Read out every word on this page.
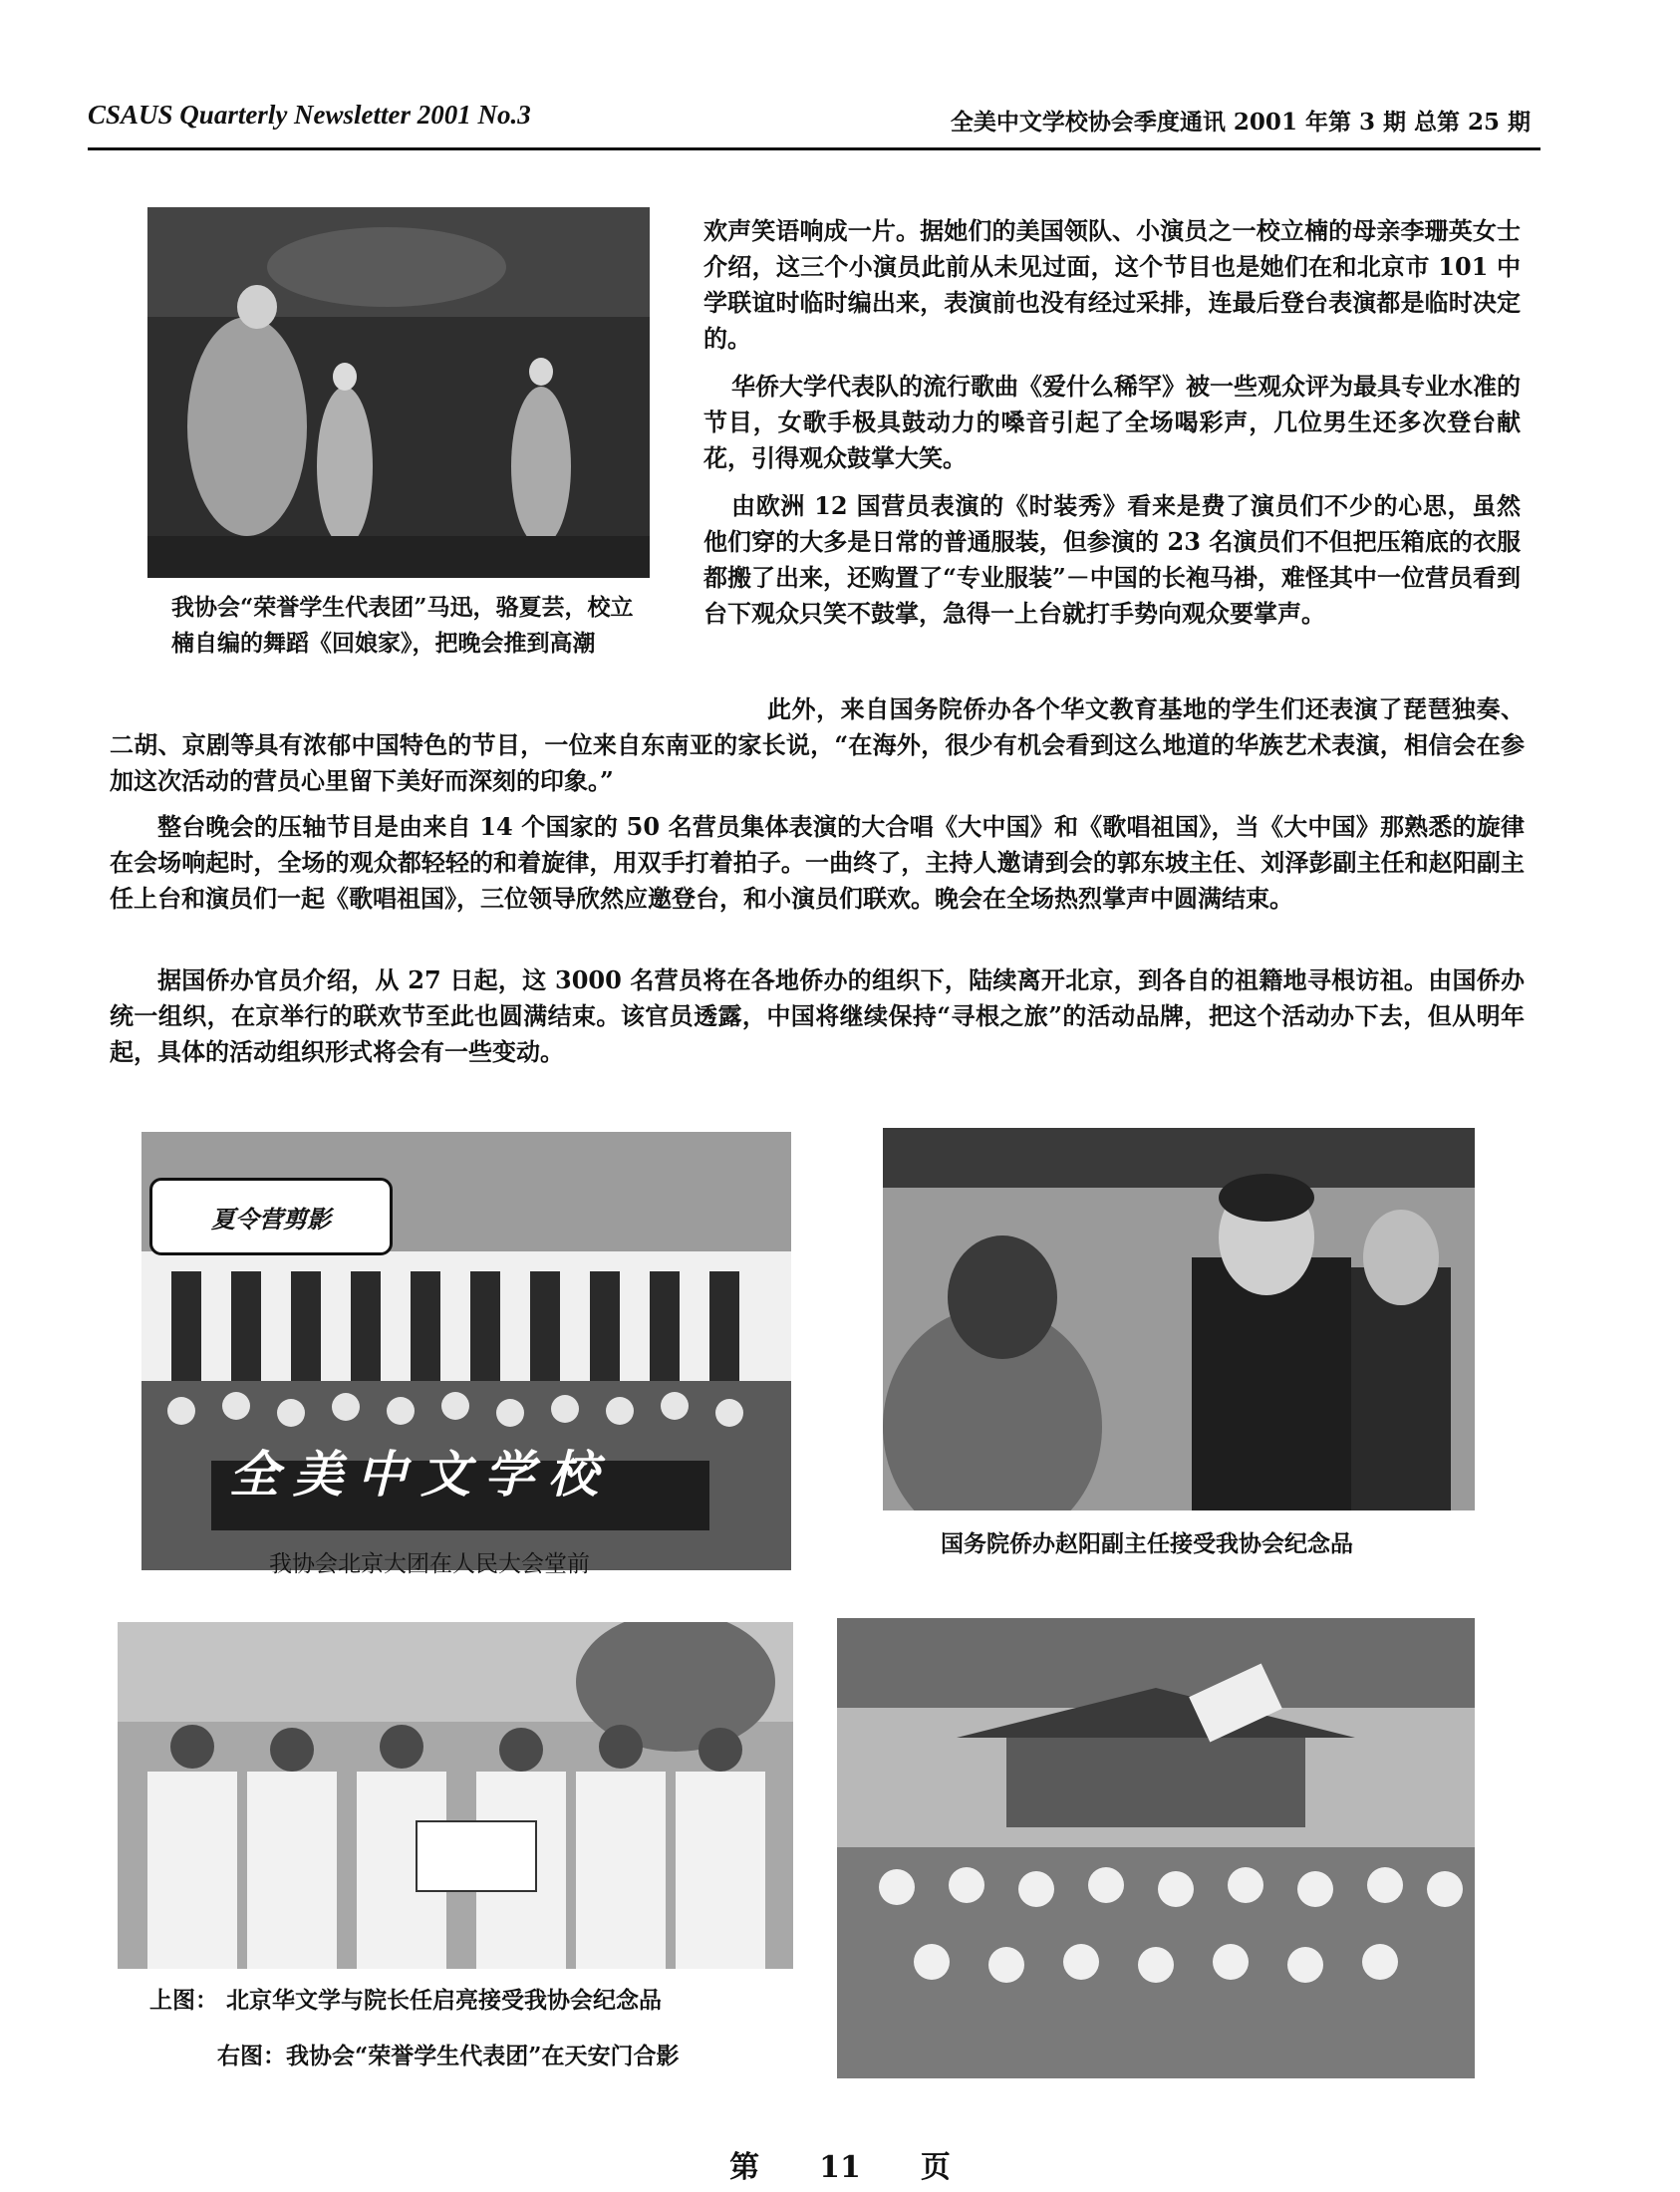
CSAUS Quarterly Newsletter 2001 No.3	全美中文学校协会季度通讯 2001 年第 3 期 总第 25 期
我协会“荣誉学生代表团”马迅，骆夏芸，校立楠自编的舞蹈《回娘家》，把晚会推到高潮

欢声笑语响成一片。据她们的美国领队、小演员之一校立楠的母亲李珊英女士介绍，这三个小演员此前从未见过面，这个节目也是她们在和北京市 101 中学联谊时临时编出来，表演前也没有经过采排，连最后登台表演都是临时决定的。

华侨大学代表队的流行歌曲《爱什么稀罕》被一些观众评为最具专业水准的节目，女歌手极具鼓动力的嗓音引起了全场喝彩声，几位男生还多次登台献花，引得观众鼓掌大笑。

由欧洲 12 国营员表演的《时装秀》看来是费了演员们不少的心思，虽然他们穿的大多是日常的普通服装，但参演的 23 名演员们不但把压箱底的衣服都搬了出来，还购置了“专业服装”－中国的长袍马褂，难怪其中一位营员看到台下观众只笑不鼓掌，急得一上台就打手势向观众要掌声。

此外，来自国务院侨办各个华文教育基地的学生们还表演了琵琶独奏、二胡、京剧等具有浓郁中国特色的节目，一位来自东南亚的家长说，“在海外，很少有机会看到这么地道的华族艺术表演，相信会在参加这次活动的营员心里留下美好而深刻的印象。”

整台晚会的压轴节目是由来自 14 个国家的 50 名营员集体表演的大合唱《大中国》和《歌唱祖国》，当《大中国》那熟悉的旋律在会场响起时，全场的观众都轻轻的和着旋律，用双手打着拍子。一曲终了，主持人邀请到会的郭东坡主任、刘泽彭副主任和赵阳副主任上台和演员们一起《歌唱祖国》，三位领导欣然应邀登台，和小演员们联欢。晚会在全场热烈掌声中圆满结束。

据国侨办官员介绍，从 27 日起，这 3000 名营员将在各地侨办的组织下，陆续离开北京，到各自的祖籍地寻根访祖。由国侨办统一组织，在京举行的联欢节至此也圆满结束。该官员透露，中国将继续保持“寻根之旅”的活动品牌，把这个活动办下去，但从明年起，具体的活动组织形式将会有一些变动。

全美中文学校
夏令营剪影
我协会北京大团在人民大会堂前
国务院侨办赵阳副主任接受我协会纪念品
上图： 北京华文学与院长任启亮接受我协会纪念品
右图：我协会“荣誉学生代表团”在天安门合影
第 11 页
